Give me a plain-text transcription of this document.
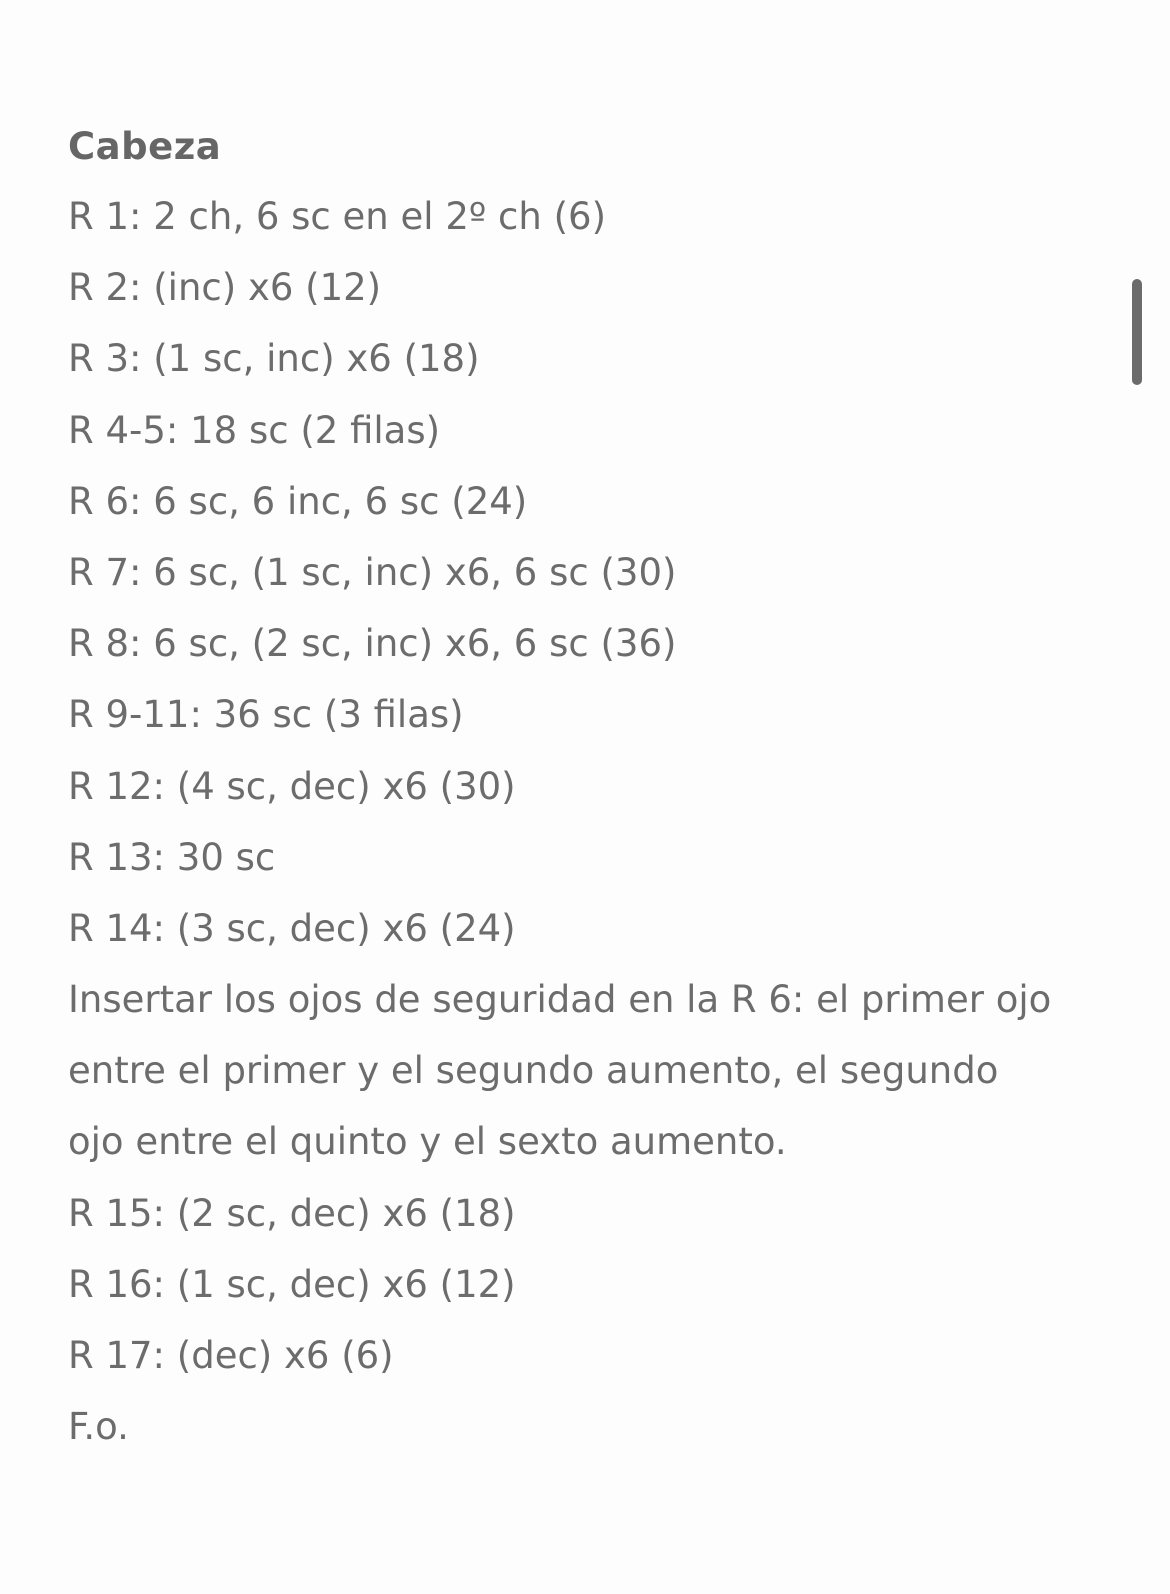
Cabeza
R 1: 2 ch, 6 sc en el 2º ch (6)
R 2: (inc) x6 (12)
R 3: (1 sc, inc) x6 (18)
R 4-5: 18 sc (2 filas)
R 6: 6 sc, 6 inc, 6 sc (24)
R 7: 6 sc, (1 sc, inc) x6, 6 sc (30)
R 8: 6 sc, (2 sc, inc) x6, 6 sc (36)
R 9-11: 36 sc (3 filas)
R 12: (4 sc, dec) x6 (30)
R 13: 30 sc
R 14: (3 sc, dec) x6 (24)
Insertar los ojos de seguridad en la R 6: el primer ojo entre el primer y el segundo aumento, el segundo ojo entre el quinto y el sexto aumento.
R 15: (2 sc, dec) x6 (18)
R 16: (1 sc, dec) x6 (12)
R 17: (dec) x6 (6)
F.o.
